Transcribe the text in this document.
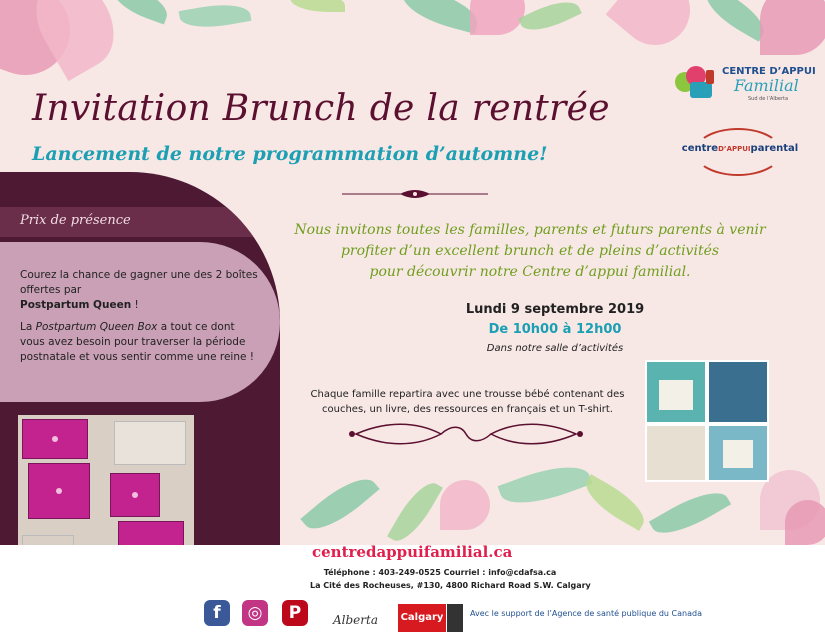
Invitation Brunch de la rentrée
Lancement de notre programmation d’automne!
CENTRE D’APPUI
Familial
Sud de l’Alberta
centreD’APPUIparental
Prix de présence

Courez la chance de gagner une des 2 boîtes offertes par
Postpartum Queen !

La Postpartum Queen Box a tout ce dont vous avez besoin pour traverser la période postnatale et vous sentir comme une reine !

Nous invitons toutes les familles, parents et futurs parents à venir
profiter d’un excellent brunch et de pleins d’activités
pour découvrir notre Centre d’appui familial.

Lundi 9 septembre 2019
De 10h00 à 12h00
Dans notre salle d’activités

Chaque famille repartira avec une trousse bébé contenant des couches, un livre, des ressources en français et un T-shirt.

centredappuifamilial.ca
Téléphone : 403-249-0525 Courriel : info@cdafsa.ca
La Cité des Rocheuses, #130, 4800 Richard Road S.W. Calgary
f	◎	P	Alberta Calgary	Avec le support de l’Agence de santé publique du Canada
